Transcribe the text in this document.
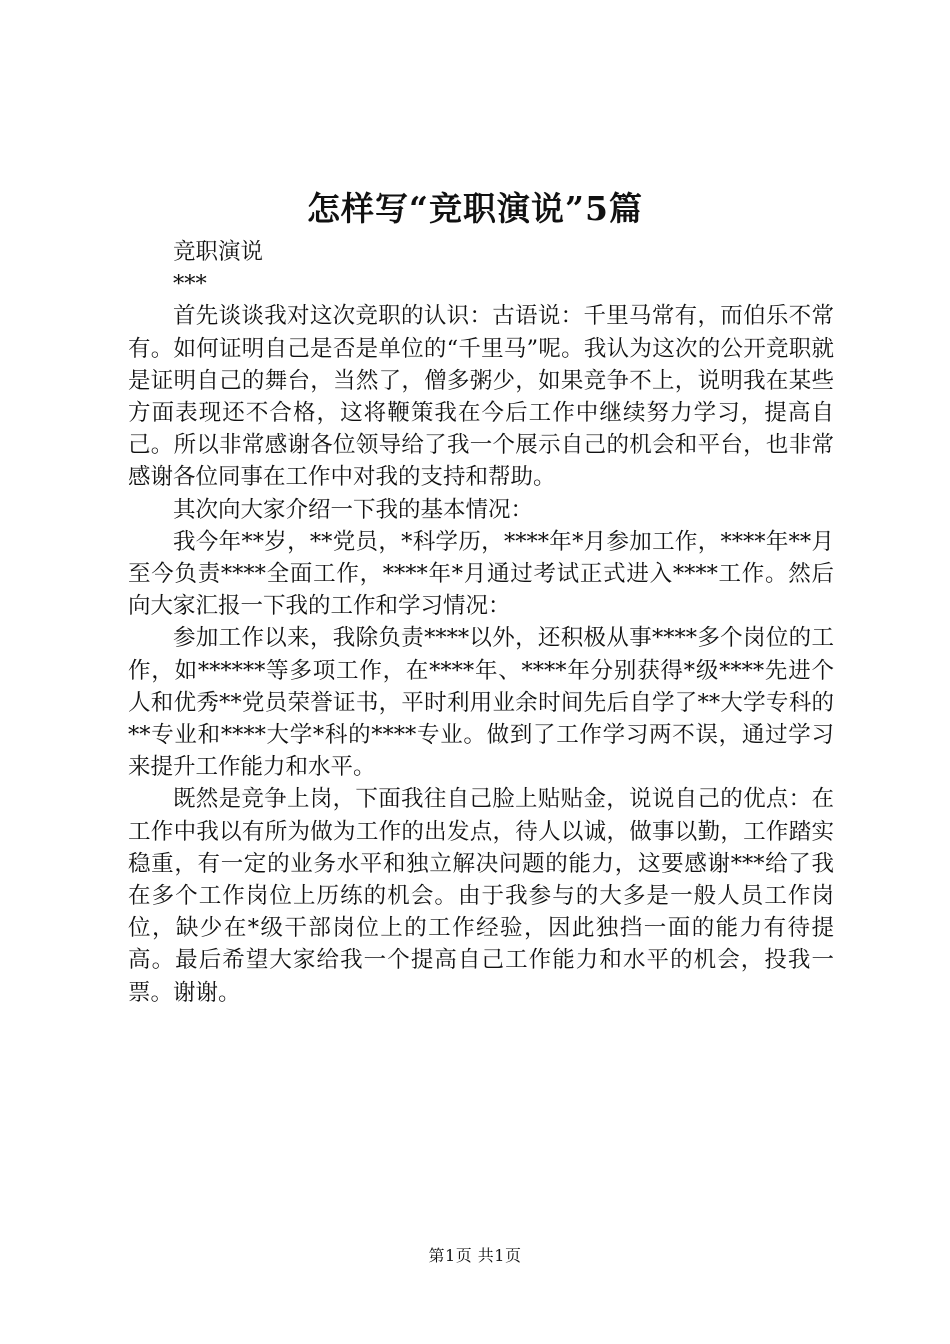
怎样写“竞职演说”5篇

竞职演说

***

首先谈谈我对这次竞职的认识：古语说：千里马常有，而伯乐不常有。如何证明自己是否是单位的“千里马”呢。我认为这次的公开竞职就是证明自己的舞台，当然了，僧多粥少，如果竞争不上，说明我在某些方面表现还不合格，这将鞭策我在今后工作中继续努力学习，提高自己。所以非常感谢各位领导给了我一个展示自己的机会和平台，也非常感谢各位同事在工作中对我的支持和帮助。

其次向大家介绍一下我的基本情况：

我今年**岁，**党员，*科学历，****年*月参加工作，****年**月至今负责****全面工作，****年*月通过考试正式进入****工作。然后向大家汇报一下我的工作和学习情况：

参加工作以来，我除负责****以外，还积极从事****多个岗位的工作，如******等多项工作，在****年、****年分别获得*级****先进个人和优秀**党员荣誉证书，平时利用业余时间先后自学了**大学专科的**专业和****大学*科的****专业。做到了工作学习两不误，通过学习来提升工作能力和水平。

既然是竞争上岗，下面我往自己脸上贴贴金，说说自己的优点：在工作中我以有所为做为工作的出发点，待人以诚，做事以勤，工作踏实稳重，有一定的业务水平和独立解决问题的能力，这要感谢***给了我在多个工作岗位上历练的机会。由于我参与的大多是一般人员工作岗位，缺少在*级干部岗位上的工作经验，因此独挡一面的能力有待提高。最后希望大家给我一个提高自己工作能力和水平的机会，投我一票。谢谢。

第1页 共1页
